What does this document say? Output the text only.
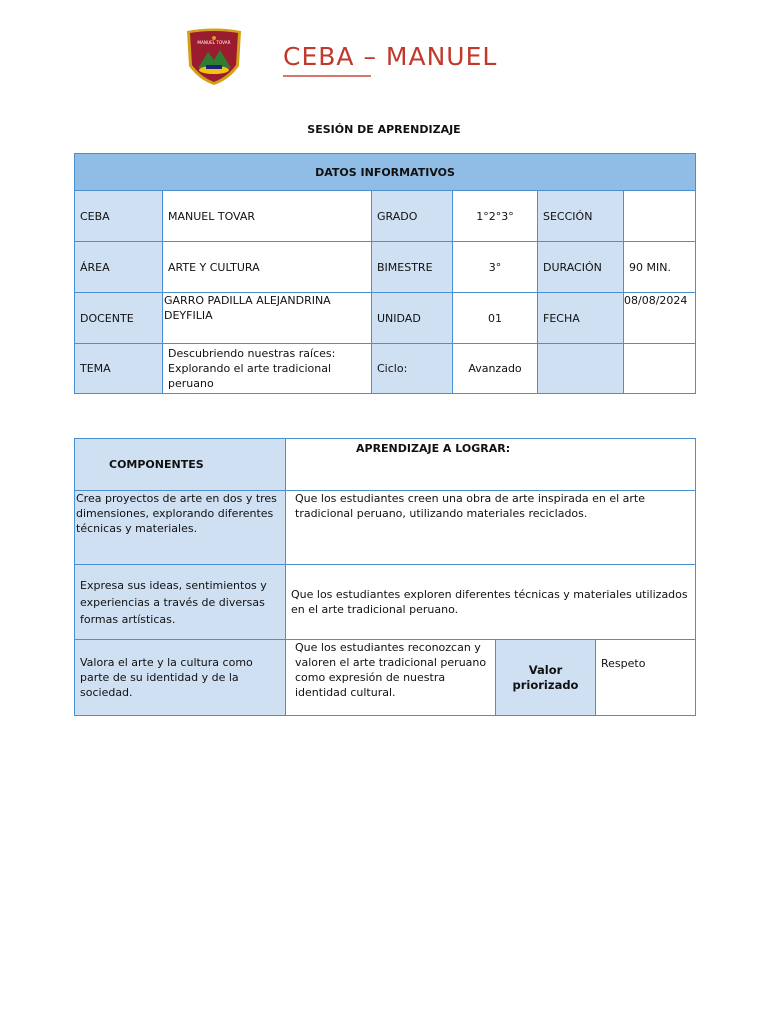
MANUEL TOVAR CEBA – MANUEL
SESIÓN DE APRENDIZAJE
DATOS INFORMATIVOS					
CEBA	MANUEL TOVAR	GRADO	1°2°3°	SECCIÓN	
ÁREA	ARTE Y CULTURA	BIMESTRE	3°	DURACIÓN	90 MIN.
DOCENTE	GARRO PADILLA ALEJANDRINA DEYFILIA	UNIDAD	01	FECHA	08/08/2024
TEMA	Descubriendo nuestras raíces: Explorando el arte tradicional peruano	Ciclo:	Avanzado		
COMPONENTES	APRENDIZAJE A LOGRAR:		
Crea proyectos de arte en dos y tres dimensiones, explorando diferentes técnicas y materiales.	Que los estudiantes creen una obra de arte inspirada en el arte tradicional peruano, utilizando materiales reciclados.		
Expresa sus ideas, sentimientos y experiencias a través de diversas formas artísticas.	Que los estudiantes exploren diferentes técnicas y materiales utilizados en el arte tradicional peruano.		
Valora el arte y la cultura como parte de su identidad y de la sociedad.	Que los estudiantes reconozcan y valoren el arte tradicional peruano como expresión de nuestra identidad cultural.	Valor priorizado	Respeto
